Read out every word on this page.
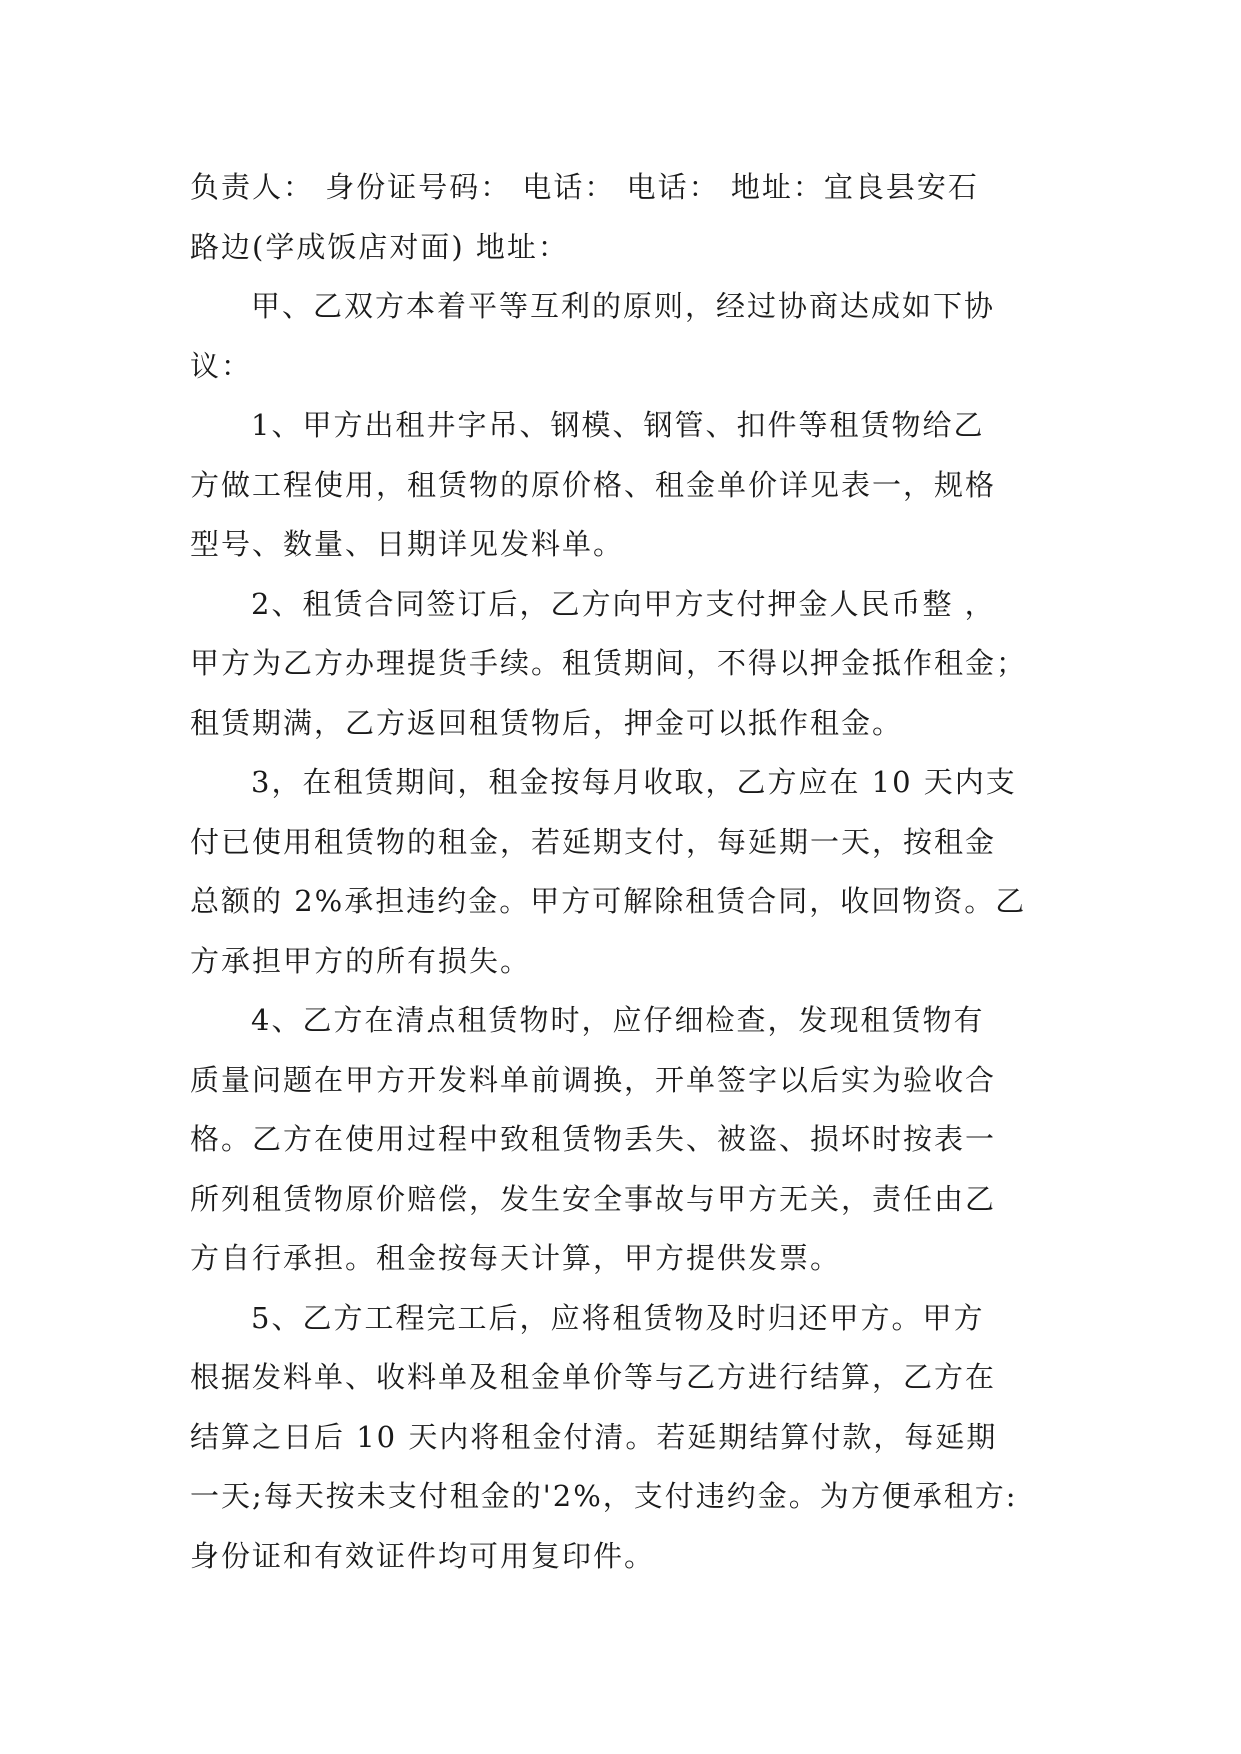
负责人： 身份证号码： 电话： 电话： 地址：宜良县安石
路边(学成饭店对面) 地址：
甲、乙双方本着平等互利的原则，经过协商达成如下协
议：
1、甲方出租井字吊、钢模、钢管、扣件等租赁物给乙
方做工程使用，租赁物的原价格、租金单价详见表一，规格
型号、数量、日期详见发料单。
2、租赁合同签订后，乙方向甲方支付押金人民币整 ，
甲方为乙方办理提货手续。租赁期间，不得以押金抵作租金；
租赁期满，乙方返回租赁物后，押金可以抵作租金。
3，在租赁期间，租金按每月收取，乙方应在 10 天内支
付已使用租赁物的租金，若延期支付，每延期一天，按租金
总额的 2%承担违约金。甲方可解除租赁合同，收回物资。乙
方承担甲方的所有损失。
4、乙方在清点租赁物时，应仔细检查，发现租赁物有
质量问题在甲方开发料单前调换，开单签字以后实为验收合
格。乙方在使用过程中致租赁物丢失、被盗、损坏时按表一
所列租赁物原价赔偿，发生安全事故与甲方无关，责任由乙
方自行承担。租金按每天计算，甲方提供发票。
5、乙方工程完工后，应将租赁物及时归还甲方。甲方
根据发料单、收料单及租金单价等与乙方进行结算，乙方在
结算之日后 10 天内将租金付清。若延期结算付款，每延期
一天;每天按未支付租金的'2%，支付违约金。为方便承租方:
身份证和有效证件均可用复印件。
